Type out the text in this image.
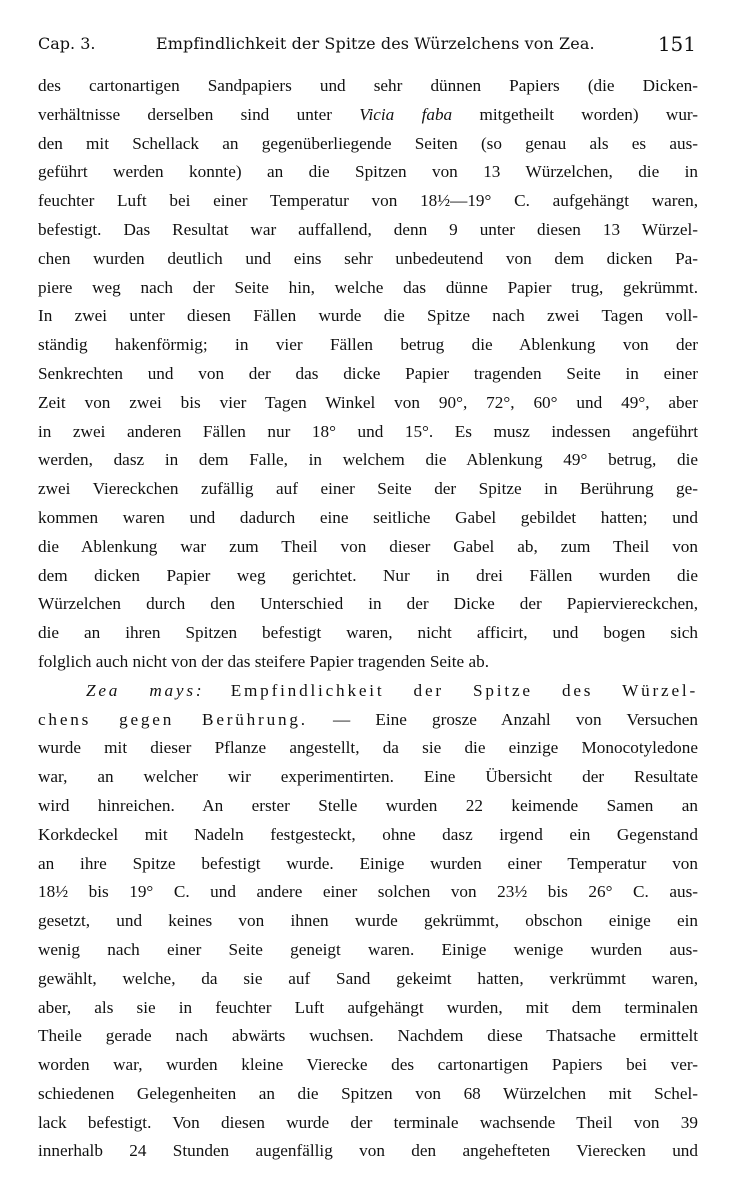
Cap. 3.	Empfindlichkeit der Spitze des Würzelchens von Zea.	151
des cartonartigen Sandpapiers und sehr dünnen Papiers (die Dicken-
verhältnisse derselben sind unter Vicia faba mitgetheilt worden) wur-
den mit Schellack an gegenüberliegende Seiten (so genau als es aus-
geführt werden konnte) an die Spitzen von 13 Würzelchen, die in
feuchter Luft bei einer Temperatur von 18½—19° C. aufgehängt waren,
befestigt. Das Resultat war auffallend, denn 9 unter diesen 13 Würzel-
chen wurden deutlich und eins sehr unbedeutend von dem dicken Pa-
piere weg nach der Seite hin, welche das dünne Papier trug, gekrümmt.
In zwei unter diesen Fällen wurde die Spitze nach zwei Tagen voll-
ständig hakenförmig; in vier Fällen betrug die Ablenkung von der
Senkrechten und von der das dicke Papier tragenden Seite in einer
Zeit von zwei bis vier Tagen Winkel von 90°, 72°, 60° und 49°, aber
in zwei anderen Fällen nur 18° und 15°. Es musz indessen angeführt
werden, dasz in dem Falle, in welchem die Ablenkung 49° betrug, die
zwei Viereckchen zufällig auf einer Seite der Spitze in Berührung ge-
kommen waren und dadurch eine seitliche Gabel gebildet hatten; und
die Ablenkung war zum Theil von dieser Gabel ab, zum Theil von
dem dicken Papier weg gerichtet. Nur in drei Fällen wurden die
Würzelchen durch den Unterschied in der Dicke der Papierviereckchen,
die an ihren Spitzen befestigt waren, nicht afficirt, und bogen sich
folglich auch nicht von der das steifere Papier tragenden Seite ab.
Zea mays: Empfindlichkeit der Spitze des Würzel-
chens gegen Berührung. — Eine grosze Anzahl von Versuchen
wurde mit dieser Pflanze angestellt, da sie die einzige Monocotyledone
war, an welcher wir experimentirten. Eine Übersicht der Resultate
wird hinreichen. An erster Stelle wurden 22 keimende Samen an
Korkdeckel mit Nadeln festgesteckt, ohne dasz irgend ein Gegenstand
an ihre Spitze befestigt wurde. Einige wurden einer Temperatur von
18½ bis 19° C. und andere einer solchen von 23½ bis 26° C. aus-
gesetzt, und keines von ihnen wurde gekrümmt, obschon einige ein
wenig nach einer Seite geneigt waren. Einige wenige wurden aus-
gewählt, welche, da sie auf Sand gekeimt hatten, verkrümmt waren,
aber, als sie in feuchter Luft aufgehängt wurden, mit dem terminalen
Theile gerade nach abwärts wuchsen. Nachdem diese Thatsache ermittelt
worden war, wurden kleine Vierecke des cartonartigen Papiers bei ver-
schiedenen Gelegenheiten an die Spitzen von 68 Würzelchen mit Schel-
lack befestigt. Von diesen wurde der terminale wachsende Theil von 39
innerhalb 24 Stunden augenfällig von den angehefteten Vierecken und
